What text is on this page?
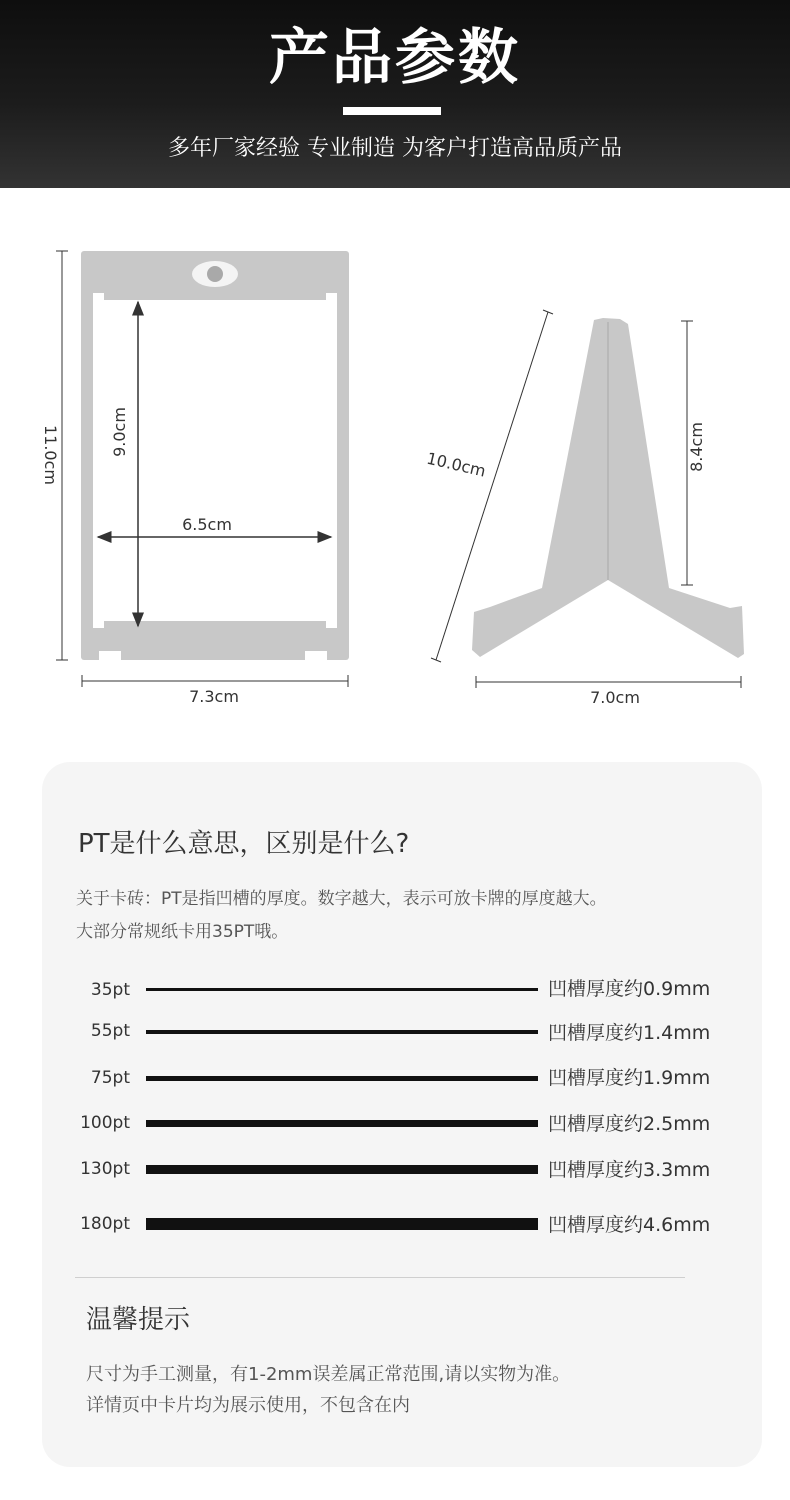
产品参数
多年厂家经验 专业制造 为客户打造高品质产品
11.0cm	9.0cm
6.5cm
7.3cm
10.0cm	8.4cm
7.0cm
PT是什么意思，区别是什么?
关于卡砖：PT是指凹槽的厚度。数字越大，表示可放卡牌的厚度越大。
大部分常规纸卡用35PT哦。
35pt	凹槽厚度约0.9mm
55pt	凹槽厚度约1.4mm
75pt	凹槽厚度约1.9mm
100pt	凹槽厚度约2.5mm
130pt	凹槽厚度约3.3mm
180pt	凹槽厚度约4.6mm
温馨提示
尺寸为手工测量，有1-2mm误差属正常范围,请以实物为准。
详情页中卡片均为展示使用，不包含在内
